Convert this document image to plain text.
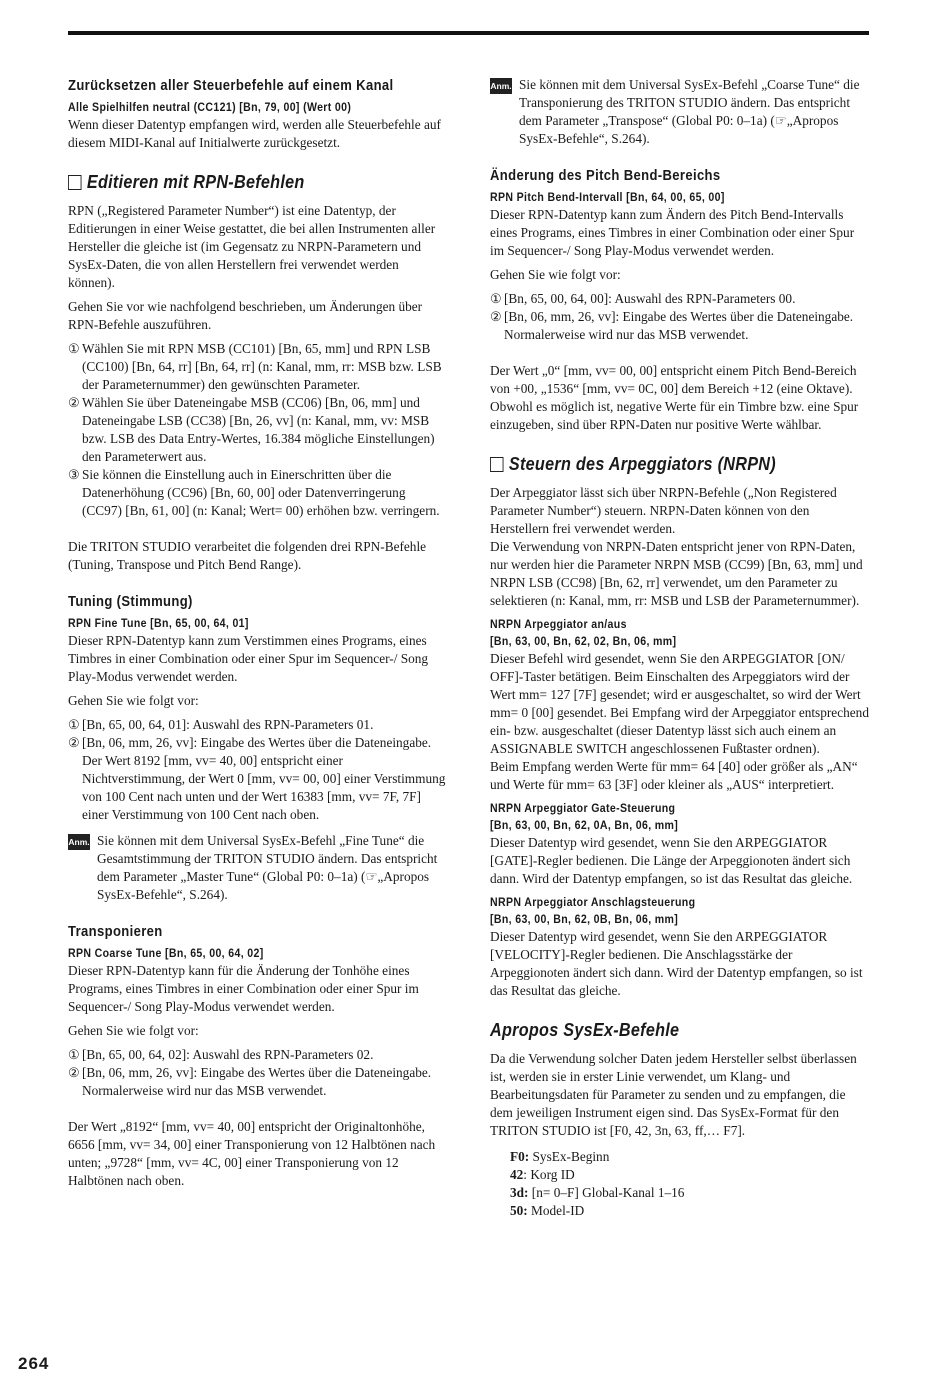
Zurücksetzen aller Steuerbefehle auf einem Kanal
Alle Spielhilfen neutral (CC121) [Bn, 79, 00] (Wert 00)

Wenn dieser Datentyp empfangen wird, werden alle Steuerbefehle auf diesem MIDI-Kanal auf Initialwerte zurückgesetzt.

Editieren mit RPN-Befehlen

RPN („Registered Parameter Number“) ist eine Datentyp, der Editierungen in einer Weise gestattet, die bei allen Instrumenten aller Hersteller die gleiche ist (im Gegensatz zu NRPN-Parametern und SysEx-Daten, die von allen Herstellern frei verwendet werden können).

Gehen Sie vor wie nachfolgend beschrieben, um Änderungen über RPN-Befehle auszuführen.

① Wählen Sie mit RPN MSB (CC101) [Bn, 65, mm] und RPN LSB (CC100) [Bn, 64, rr] [Bn, 64, rr] (n: Kanal, mm, rr: MSB bzw. LSB der Parameternummer) den gewünschten Parameter.
② Wählen Sie über Dateneingabe MSB (CC06) [Bn, 06, mm] und Dateneingabe LSB (CC38) [Bn, 26, vv] (n: Kanal, mm, vv: MSB bzw. LSB des Data Entry-Wertes, 16.384 mögliche Einstellungen) den Parameterwert aus.
③ Sie können die Einstellung auch in Einerschritten über die Datenerhöhung (CC96) [Bn, 60, 00] oder Datenverringerung (CC97) [Bn, 61, 00] (n: Kanal; Wert= 00) erhöhen bzw. verringern.

Die TRITON STUDIO verarbeitet die folgenden drei RPN-Befehle (Tuning, Transpose und Pitch Bend Range).

Tuning (Stimmung)
RPN Fine Tune [Bn, 65, 00, 64, 01]

Dieser RPN-Datentyp kann zum Verstimmen eines Programs, eines Timbres in einer Combination oder einer Spur im Sequencer-/ Song Play-Modus verwendet werden.

Gehen Sie wie folgt vor:

① [Bn, 65, 00, 64, 01]: Auswahl des RPN-Parameters 01.
② [Bn, 06, mm, 26, vv]: Eingabe des Wertes über die Dateneingabe. Der Wert 8192 [mm, vv= 40, 00] entspricht einer Nichtverstimmung, der Wert 0 [mm, vv= 00, 00] einer Verstimmung von 100 Cent nach unten und der Wert 16383 [mm, vv= 7F, 7F] einer Verstimmung von 100 Cent nach oben.
Anm. Sie können mit dem Universal SysEx-Befehl „Fine Tune“ die Gesamtstimmung der TRITON STUDIO ändern. Das entspricht dem Parameter „Master Tune“ (Global P0: 0–1a) (☞„Apropos SysEx-Befehle“, S.264).
Transponieren
RPN Coarse Tune [Bn, 65, 00, 64, 02]

Dieser RPN-Datentyp kann für die Änderung der Tonhöhe eines Programs, eines Timbres in einer Combination oder einer Spur im Sequencer-/ Song Play-Modus verwendet werden.

Gehen Sie wie folgt vor:

① [Bn, 65, 00, 64, 02]: Auswahl des RPN-Parameters 02.
② [Bn, 06, mm, 26, vv]: Eingabe des Wertes über die Dateneingabe. Normalerweise wird nur das MSB verwendet.

Der Wert „8192“ [mm, vv= 40, 00] entspricht der Originaltonhöhe, 6656 [mm, vv= 34, 00] einer Transponierung von 12 Halbtönen nach unten; „9728“ [mm, vv= 4C, 00] einer Transponierung von 12 Halbtönen nach oben.

Anm. Sie können mit dem Universal SysEx-Befehl „Coarse Tune“ die Transponierung des TRITON STUDIO ändern. Das entspricht dem Parameter „Transpose“ (Global P0: 0–1a) (☞„Apropos SysEx-Befehle“, S.264).
Änderung des Pitch Bend-Bereichs
RPN Pitch Bend-Intervall [Bn, 64, 00, 65, 00]

Dieser RPN-Datentyp kann zum Ändern des Pitch Bend-Intervalls eines Programs, eines Timbres in einer Combination oder einer Spur im Sequencer-/ Song Play-Modus verwendet werden.

Gehen Sie wie folgt vor:

① [Bn, 65, 00, 64, 00]: Auswahl des RPN-Parameters 00.
② [Bn, 06, mm, 26, vv]: Eingabe des Wertes über die Dateneingabe. Normalerweise wird nur das MSB verwendet.

Der Wert „0“ [mm, vv= 00, 00] entspricht einem Pitch Bend-Bereich von +00, „1536“ [mm, vv= 0C, 00] dem Bereich +12 (eine Oktave). Obwohl es möglich ist, negative Werte für ein Timbre bzw. eine Spur einzugeben, sind über RPN-Daten nur positive Werte wählbar.

Steuern des Arpeggiators (NRPN)

Der Arpeggiator lässt sich über NRPN-Befehle („Non Registered Parameter Number“) steuern. NRPN-Daten können von den Herstellern frei verwendet werden.

Die Verwendung von NRPN-Daten entspricht jener von RPN-Daten, nur werden hier die Parameter NRPN MSB (CC99) [Bn, 63, mm] und NRPN LSB (CC98) [Bn, 62, rr] verwendet, um den Parameter zu selektieren (n: Kanal, mm, rr: MSB und LSB der Parameternummer).

NRPN Arpeggiator an/aus
[Bn, 63, 00, Bn, 62, 02, Bn, 06, mm]

Dieser Befehl wird gesendet, wenn Sie den ARPEGGIATOR [ON/ OFF]-Taster betätigen. Beim Einschalten des Arpeggiators wird der Wert mm= 127 [7F] gesendet; wird er ausgeschaltet, so wird der Wert mm= 0 [00] gesendet. Bei Empfang wird der Arpeggiator entsprechend ein- bzw. ausgeschaltet (dieser Datentyp lässt sich auch einem an ASSIGNABLE SWITCH angeschlossenen Fußtaster ordnen).

Beim Empfang werden Werte für mm= 64 [40] oder größer als „AN“ und Werte für mm= 63 [3F] oder kleiner als „AUS“ interpretiert.

NRPN Arpeggiator Gate-Steuerung
[Bn, 63, 00, Bn, 62, 0A, Bn, 06, mm]

Dieser Datentyp wird gesendet, wenn Sie den ARPEGGIATOR [GATE]-Regler bedienen. Die Länge der Arpeggionoten ändert sich dann. Wird der Datentyp empfangen, so ist das Resultat das gleiche.

NRPN Arpeggiator Anschlagsteuerung
[Bn, 63, 00, Bn, 62, 0B, Bn, 06, mm]

Dieser Datentyp wird gesendet, wenn Sie den ARPEGGIATOR [VELOCITY]-Regler bedienen. Die Anschlagsstärke der Arpeggionoten ändert sich dann. Wird der Datentyp empfangen, so ist das Resultat das gleiche.

Apropos SysEx-Befehle

Da die Verwendung solcher Daten jedem Hersteller selbst überlassen ist, werden sie in erster Linie verwendet, um Klang- und Bearbeitungsdaten für Parameter zu senden und zu empfangen, die dem jeweiligen Instrument eigen sind. Das SysEx-Format für den TRITON STUDIO ist [F0, 42, 3n, 63, ff,… F7].

F0: SysEx-Beginn
42: Korg ID
3d: [n= 0–F] Global-Kanal 1–16
50: Model-ID
264
